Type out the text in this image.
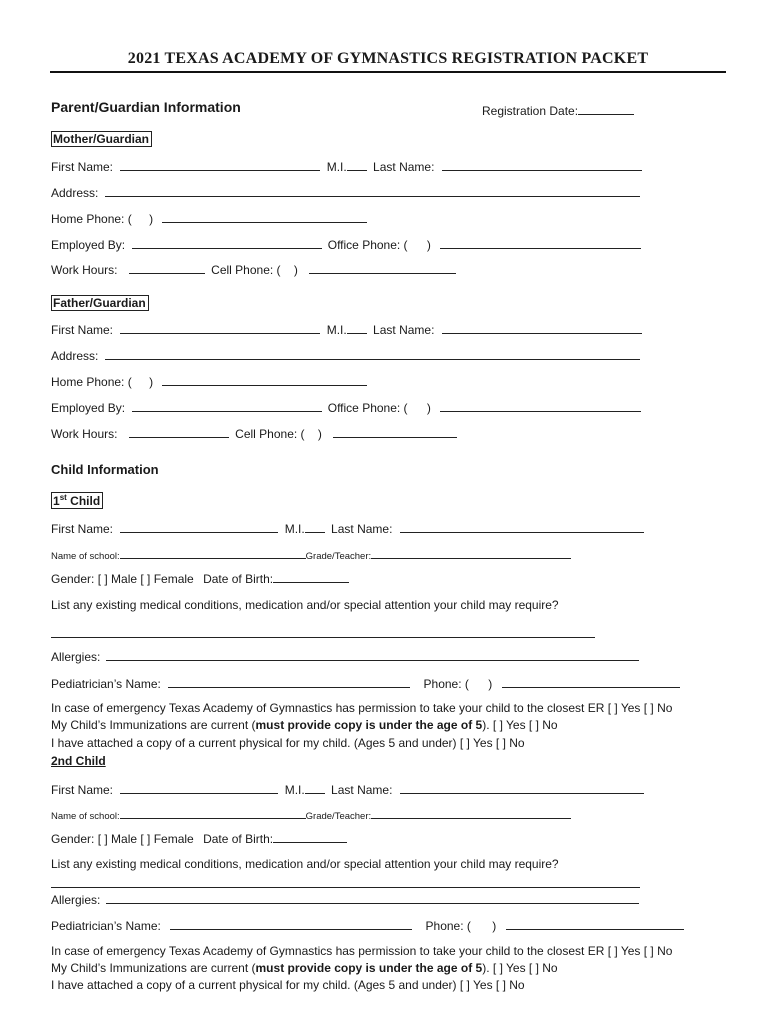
2021 TEXAS ACADEMY OF GYMNASTICS REGISTRATION PACKET
Parent/Guardian Information	Registration Date:
Mother/Guardian
First Name:	M.I. Last Name:
Address:
Home Phone: ( )
Employed By:	Office Phone: ( )
Work Hours:	Cell Phone: ( )
Father/Guardian
First Name:	M.I. Last Name:
Address:
Home Phone: ( )
Employed By:	Office Phone: ( )
Work Hours:	Cell Phone: ( )
Child Information
1st Child
First Name:	M.I. Last Name:
Name of school:	Grade/Teacher:
Gender: [ ] Male [ ] Female Date of Birth:
List any existing medical conditions, medication and/or special attention your child may require?
Allergies:
Pediatrician’s Name:	Phone: ( )
In case of emergency Texas Academy of Gymnastics has permission to take your child to the closest ER [ ] Yes [ ] No
My Child’s Immunizations are current (must provide copy is under the age of 5). [ ] Yes [ ] No
I have attached a copy of a current physical for my child. (Ages 5 and under) [ ] Yes [ ] No
2nd Child
First Name:	M.I. Last Name:
Name of school:	Grade/Teacher:
Gender: [ ] Male [ ] Female Date of Birth:
List any existing medical conditions, medication and/or special attention your child may require?
Allergies:
Pediatrician’s Name:	Phone: ( )
In case of emergency Texas Academy of Gymnastics has permission to take your child to the closest ER [ ] Yes [ ] No
My Child’s Immunizations are current (must provide copy is under the age of 5). [ ] Yes [ ] No
I have attached a copy of a current physical for my child. (Ages 5 and under) [ ] Yes [ ] No
